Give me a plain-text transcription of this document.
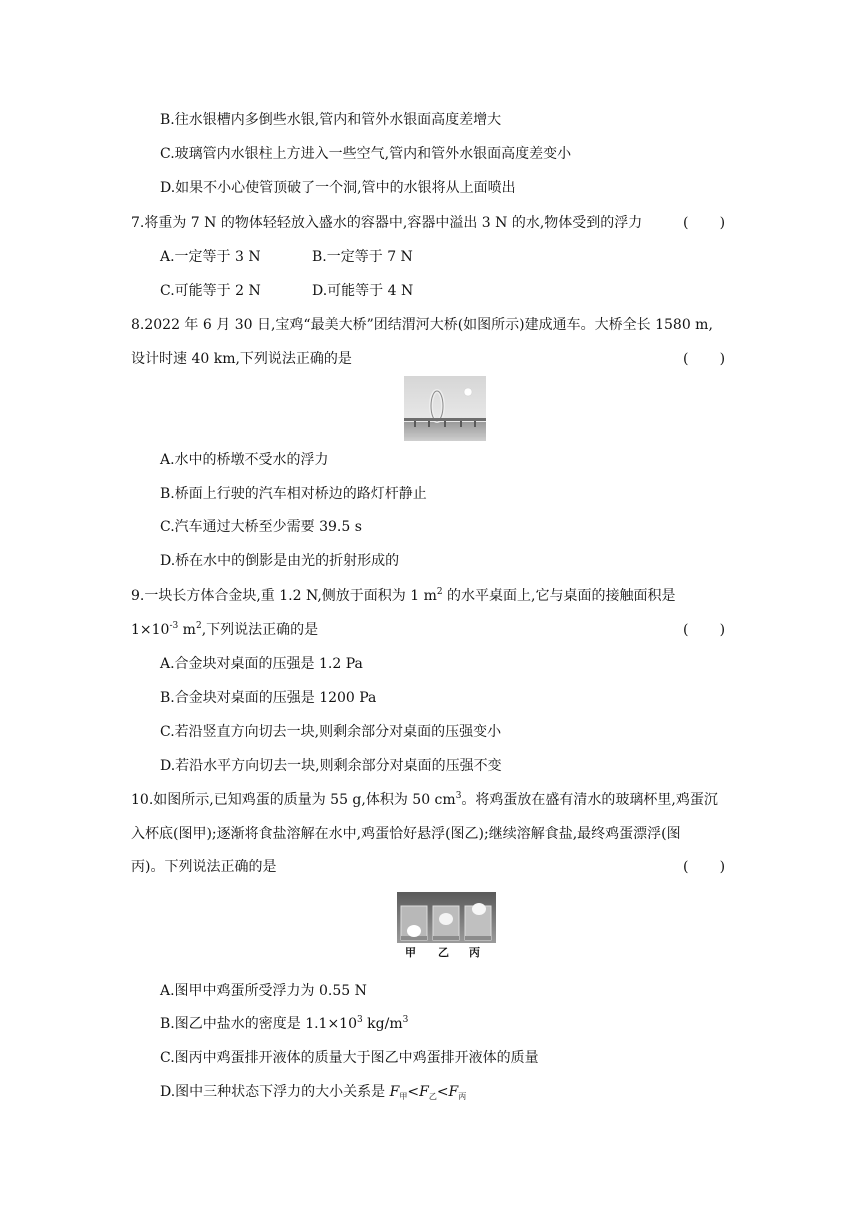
B.往水银槽内多倒些水银,管内和管外水银面高度差增大
C.玻璃管内水银柱上方进入一些空气,管内和管外水银面高度差变小
D.如果不小心使管顶破了一个洞,管中的水银将从上面喷出
7.将重为 7 N 的物体轻轻放入盛水的容器中,容器中溢出 3 N 的水,物体受到的浮力	(       )
A.一定等于 3 N	B.一定等于 7 N
C.可能等于 2 N	D.可能等于 4 N
8.2022 年 6 月 30 日,宝鸡“最美大桥”团结渭河大桥(如图所示)建成通车。大桥全长 1580 m,
设计时速 40 km,下列说法正确的是	(       )
A.水中的桥墩不受水的浮力
B.桥面上行驶的汽车相对桥边的路灯杆静止
C.汽车通过大桥至少需要 39.5 s
D.桥在水中的倒影是由光的折射形成的
9.一块长方体合金块,重 1.2 N,侧放于面积为 1 $m^2$ 的水平桌面上,它与桌面的接触面积是
$1\times 10^{-3}$ $m^2$,下列说法正确的是	(       )
A.合金块对桌面的压强是 1.2 Pa
B.合金块对桌面的压强是 1200 Pa
C.若沿竖直方向切去一块,则剩余部分对桌面的压强变小
D.若沿水平方向切去一块,则剩余部分对桌面的压强不变
10.如图所示,已知鸡蛋的质量为 55 g,体积为 50 $cm^3$。将鸡蛋放在盛有清水的玻璃杯里,鸡蛋沉
入杯底(图甲);逐渐将食盐溶解在水中,鸡蛋恰好悬浮(图乙);继续溶解食盐,最终鸡蛋漂浮(图
丙)。下列说法正确的是	(       )
甲 乙 丙
A.图甲中鸡蛋所受浮力为 0.55 N
B.图乙中盐水的密度是 $1.1\times 10^3$ $kg/m^3$
C.图丙中鸡蛋排开液体的质量大于图乙中鸡蛋排开液体的质量
D.图中三种状态下浮力的大小关系是 $F_甲<F_乙<F_丙$
